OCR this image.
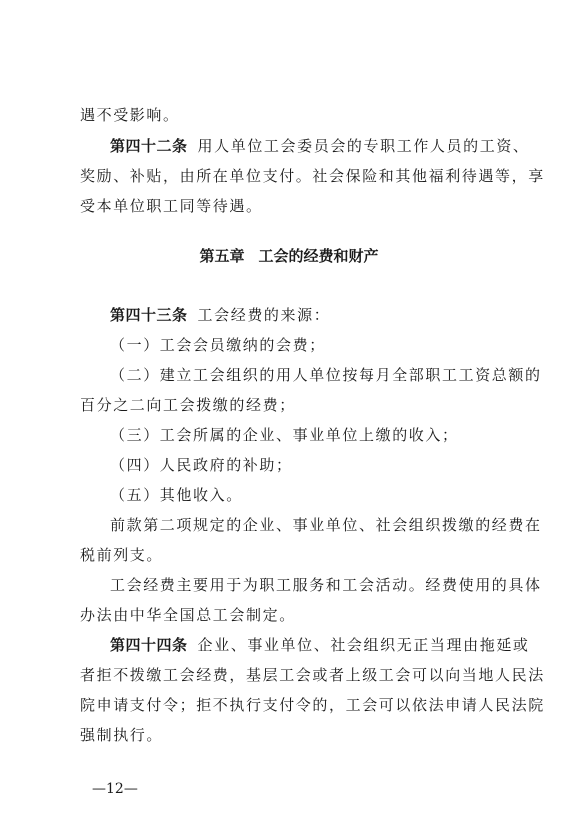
遇不受影响。
第四十二条 用人单位工会委员会的专职工作人员的工资、
奖励、补贴，由所在单位支付。社会保险和其他福利待遇等，享
受本单位职工同等待遇。
第五章 工会的经费和财产
第四十三条 工会经费的来源：
（一）工会会员缴纳的会费；
（二）建立工会组织的用人单位按每月全部职工工资总额的
百分之二向工会拨缴的经费；
（三）工会所属的企业、事业单位上缴的收入；
（四）人民政府的补助；
（五）其他收入。
前款第二项规定的企业、事业单位、社会组织拨缴的经费在
税前列支。
工会经费主要用于为职工服务和工会活动。经费使用的具体
办法由中华全国总工会制定。
第四十四条 企业、事业单位、社会组织无正当理由拖延或
者拒不拨缴工会经费，基层工会或者上级工会可以向当地人民法
院申请支付令；拒不执行支付令的，工会可以依法申请人民法院
强制执行。
—12—
